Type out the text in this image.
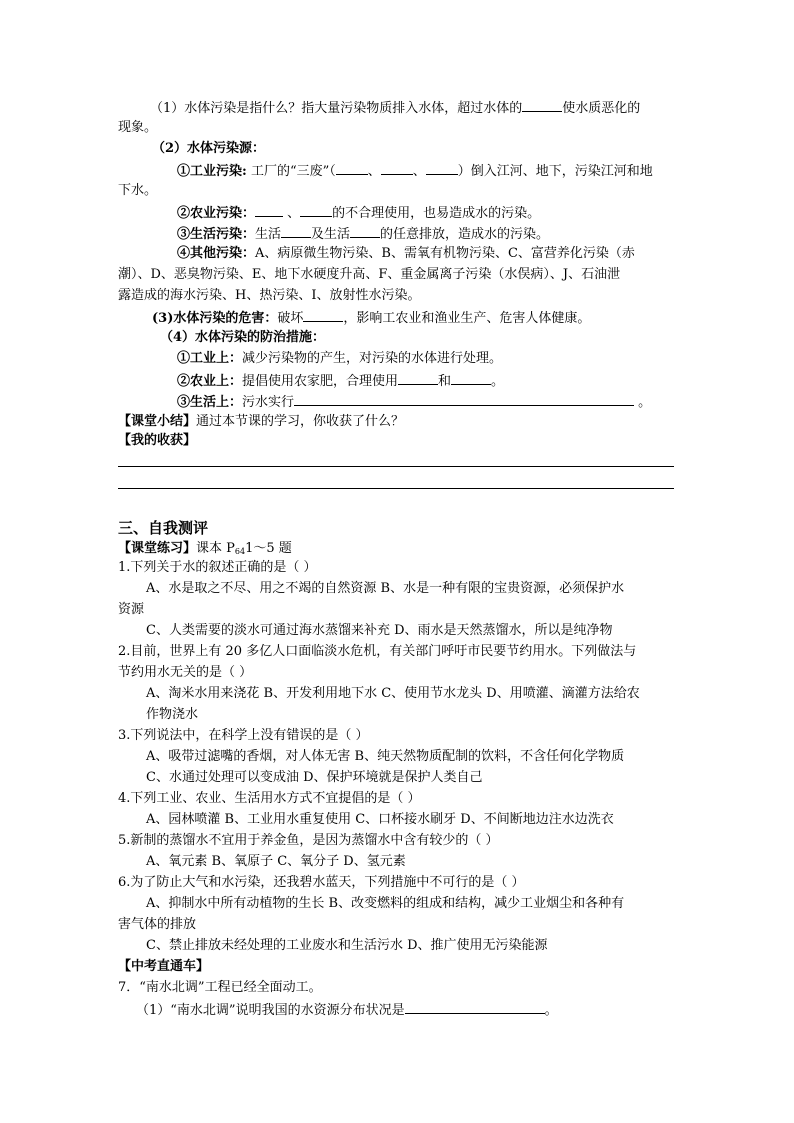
（1）水体污染是指什么？指大量污染物质排入水体，超过水体的	使水质恶化的
现象。
（2）水体污染源：
①工业污染: 工厂的“三废”（ 、 、 ）倒入江河、地下，污染江河和地
下水。
②农业污染： 、 的不合理使用，也易造成水的污染。
③生活污染：生活 及生活 的任意排放，造成水的污染。
④其他污染：A、病原微生物污染、B、需氧有机物污染、C、富营养化污染（赤
潮）、D、恶臭物污染、E、地下水硬度升高、F、重金属离子污染（水俣病）、J、石油泄
露造成的海水污染、H、热污染、I、放射性水污染。
(3)水体污染的危害：破坏	，影响工农业和渔业生产、危害人体健康。
（4）水体污染的防治措施：
①工业上：减少污染物的产生，对污染的水体进行处理。
②农业上：提倡使用农家肥，合理使用	和	。
③生活上：污水实行	。
【课堂小结】通过本节课的学习，你收获了什么？
【我的收获】
三、自我测评
【课堂练习】课本 $P_{64}1\sim 5$ 题
1.下列关于水的叙述正确的是（ ）
A、水是取之不尽、用之不竭的自然资源 B、水是一种有限的宝贵资源，必须保护水
资源
C、人类需要的淡水可通过海水蒸馏来补充 D、雨水是天然蒸馏水，所以是纯净物
2.目前，世界上有 20 多亿人口面临淡水危机，有关部门呼吁市民要节约用水。下列做法与
节约用水无关的是（ ）
A、淘米水用来浇花 B、开发利用地下水 C、使用节水龙头 D、用喷灌、滴灌方法给农
作物浇水
3.下列说法中，在科学上没有错误的是（ ）
A、吸带过滤嘴的香烟，对人体无害 B、纯天然物质配制的饮料，不含任何化学物质
C、水通过处理可以变成油 D、保护环境就是保护人类自己
4.下列工业、农业、生活用水方式不宜提倡的是（ ）
A、园林喷灌 B、工业用水重复使用 C、口杯接水刷牙 D、不间断地边注水边洗衣
5.新制的蒸馏水不宜用于养金鱼，是因为蒸馏水中含有较少的（ ）
A、氧元素 B、氧原子 C、氧分子 D、氢元素
6.为了防止大气和水污染，还我碧水蓝天，下列措施中不可行的是（ ）
A、抑制水中所有动植物的生长 B、改变燃料的组成和结构，减少工业烟尘和各种有
害气体的排放
C、禁止排放未经处理的工业废水和生活污水 D、推广使用无污染能源
【中考直通车】
7．“南水北调”工程已经全面动工。
（1）“南水北调”说明我国的水资源分布状况是	。
